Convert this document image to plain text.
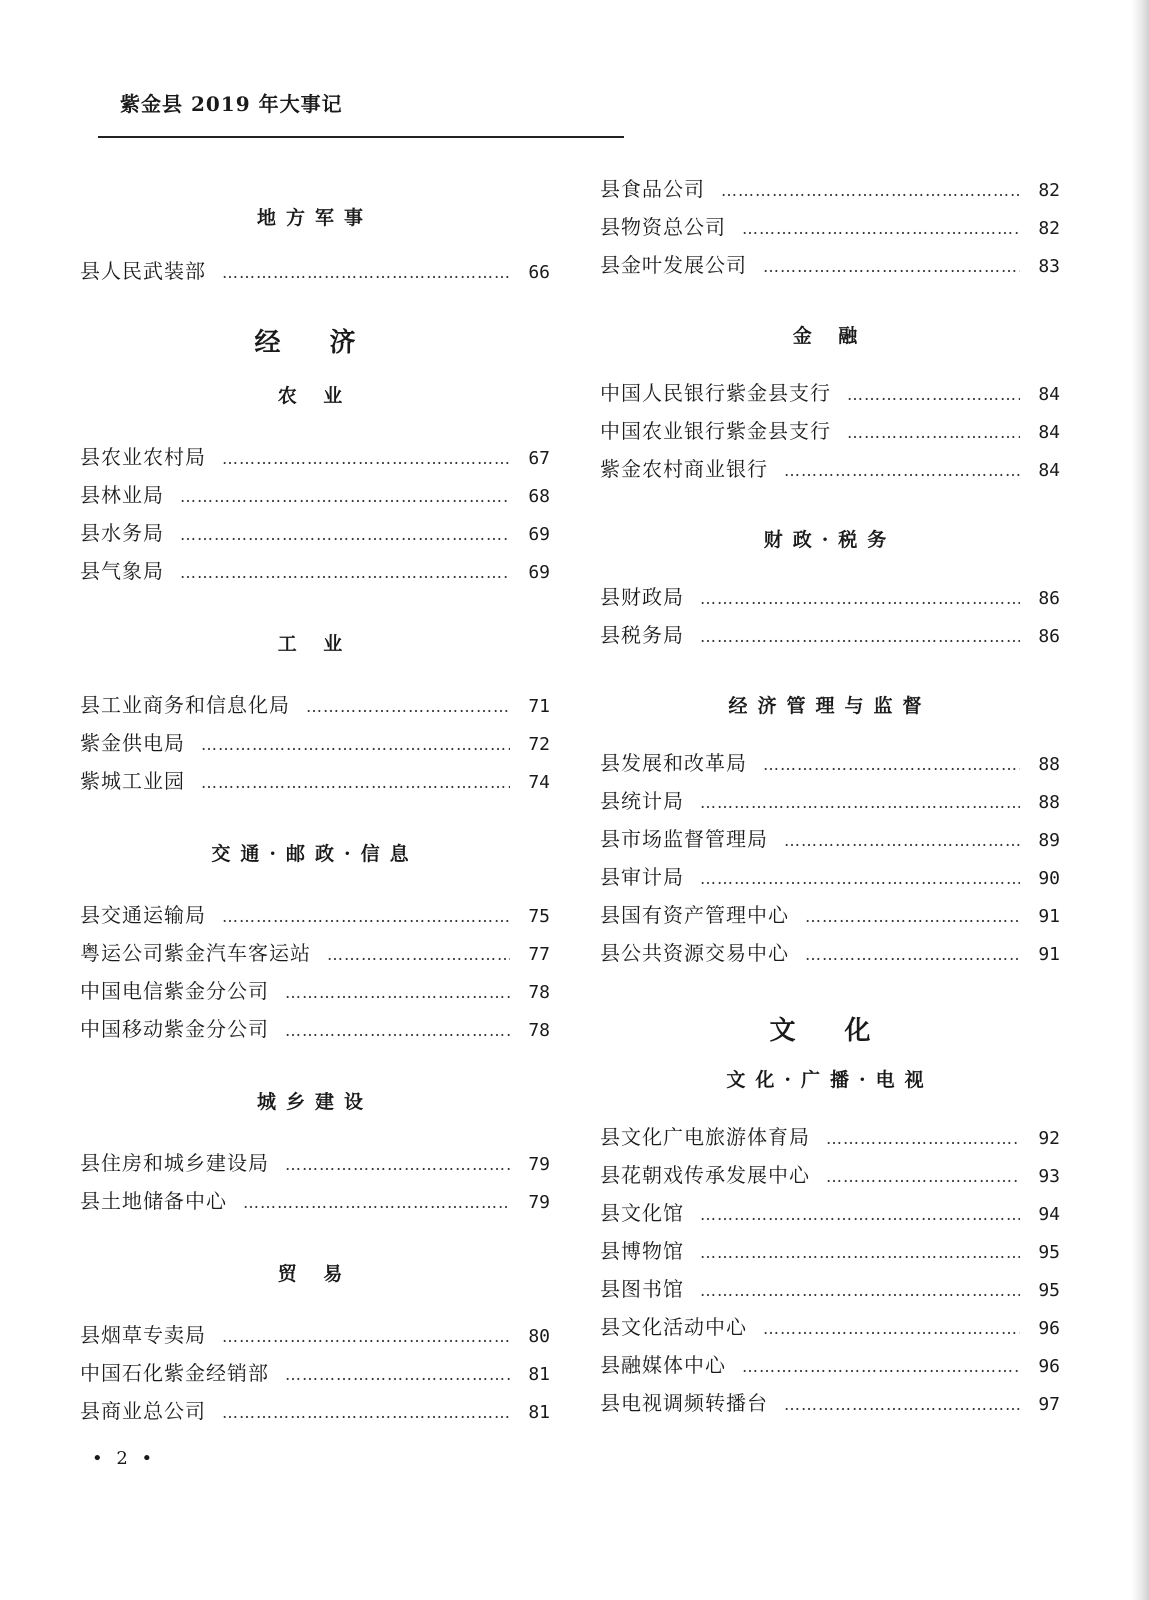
紫金县 2019 年大事记
地方军事
县人民武装部 ……………………………………………………………………………………………………	66
经 济
农 业
县农业农村局 ……………………………………………………………………………………………………	67
县林业局 ……………………………………………………………………………………………………	68
县水务局 ……………………………………………………………………………………………………	69
县气象局 ……………………………………………………………………………………………………	69
工 业
县工业商务和信息化局 ……………………………………………………………………………………………………	71
紫金供电局 ……………………………………………………………………………………………………	72
紫城工业园 ……………………………………………………………………………………………………	74
交通·邮政·信息
县交通运输局 ……………………………………………………………………………………………………	75
粤运公司紫金汽车客运站 ……………………………………………………………………………………………………	77
中国电信紫金分公司 ……………………………………………………………………………………………………	78
中国移动紫金分公司 ……………………………………………………………………………………………………	78
城乡建设
县住房和城乡建设局 ……………………………………………………………………………………………………	79
县土地储备中心 ……………………………………………………………………………………………………	79
贸 易
县烟草专卖局 ……………………………………………………………………………………………………	80
中国石化紫金经销部 ……………………………………………………………………………………………………	81
县商业总公司 ……………………………………………………………………………………………………	81
县食品公司 ……………………………………………………………………………………………………	82
县物资总公司 ……………………………………………………………………………………………………	82
县金叶发展公司 ……………………………………………………………………………………………………	83
金 融
中国人民银行紫金县支行 ……………………………………………………………………………………………………	84
中国农业银行紫金县支行 ……………………………………………………………………………………………………	84
紫金农村商业银行 ……………………………………………………………………………………………………	84
财政·税务
县财政局 ……………………………………………………………………………………………………	86
县税务局 ……………………………………………………………………………………………………	86
经济管理与监督
县发展和改革局 ……………………………………………………………………………………………………	88
县统计局 ……………………………………………………………………………………………………	88
县市场监督管理局 ……………………………………………………………………………………………………	89
县审计局 ……………………………………………………………………………………………………	90
县国有资产管理中心 ……………………………………………………………………………………………………	91
县公共资源交易中心 ……………………………………………………………………………………………………	91
文 化
文化·广播·电视
县文化广电旅游体育局 ……………………………………………………………………………………………………	92
县花朝戏传承发展中心 ……………………………………………………………………………………………………	93
县文化馆 ……………………………………………………………………………………………………	94
县博物馆 ……………………………………………………………………………………………………	95
县图书馆 ……………………………………………………………………………………………………	95
县文化活动中心 ……………………………………………………………………………………………………	96
县融媒体中心 ……………………………………………………………………………………………………	96
县电视调频转播台 ……………………………………………………………………………………………………	97
• 2 •
